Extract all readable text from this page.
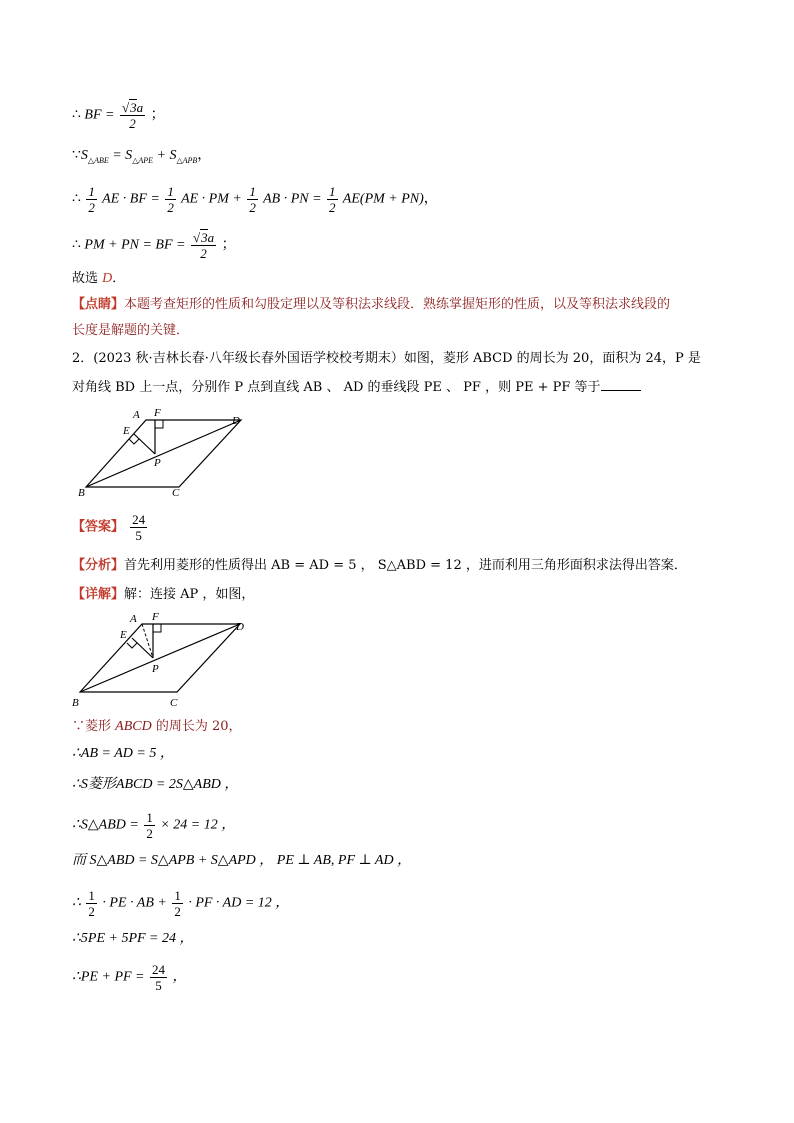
∴ BF = $\frac{√3a}{2}$ ；
$\because S_{\triangle ABE} = S_{\triangle APE} + S_{\triangle APB}$，
∴ $\frac{1}{2}$ AE · BF = $\frac{1}{2}$ AE · PM + $\frac{1}{2}$ AB · PN = $\frac{1}{2} AE(PM + PN)$，
∴ PM + PN = BF = $\frac{√3a}{2}$ ；
故选 D．
【点睛】本题考查矩形的性质和勾股定理以及等积法求线段．熟练掌握矩形的性质，以及等积法求线段的
长度是解题的关键．
2．(2023 秋·吉林长春·八年级长春外国语学校校考期末）如图，菱形 ABCD 的周长为 20，面积为 24，P 是
对角线 BD 上一点，分别作 P 点到直线 AB 、 AD 的垂线段 PE 、 PF ，则 PE + PF 等于
A F
D
E
P
B	C
【答案】 $\frac{24}{5}$
【分析】首先利用菱形的性质得出 AB = AD = 5 ， S△ABD = 12 ，进而利用三角形面积求法得出答案．
【详解】解：连接 AP ，如图，
A F
D
E
P
B	C
∵菱形 ABCD 的周长为 20，
∴AB = AD = 5 ，
∴S菱形ABCD = 2S△ABD ，
∴S△ABD = $\frac{1}{2} \times 24 = 12$ ，
而 S△ABD = S△APB + S△APD ， PE ⊥ AB, PF ⊥ AD ，
∴ $\frac{1}{2}$ · PE · AB + $\frac{1}{2}$ · PF · AD = 12 ，
∴5PE + 5PF = 24 ，
∴PE + PF = $\frac{24}{5}$ ，
